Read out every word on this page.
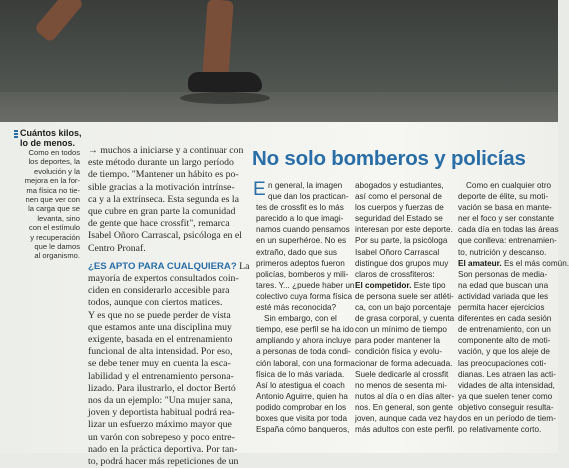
Cuántos kilos,
lo de menos.
Como en todos
los deportes, la
evolución y la
mejora en la for-
ma física no tie-
nen que ver con
la carga que se
levanta, sino
con el estímulo
y recuperación
que le damos
al organismo.
→ muchos a iniciarse y a continuar con
este método durante un largo período
de tiempo. "Mantener un hábito es po-
sible gracias a la motivación intrínse-
ca y a la extrínseca. Esta segunda es la
que cubre en gran parte la comunidad
de gente que hace crossfit", remarca
Isabel Oñoro Carrascal, psicóloga en el
Centro Pronaf.
¿ES APTO PARA CUALQUIERA? La
mayoría de expertos consultados coin-
ciden en considerarlo accesible para
todos, aunque con ciertos matices.
Y es que no se puede perder de vista
que estamos ante una disciplina muy
exigente, basada en el entrenamiento
funcional de alta intensidad. Por eso,
se debe tener muy en cuenta la esca-
labilidad y el entrenamiento persona-
lizado. Para ilustrarlo, el doctor Bertó
nos da un ejemplo: "Una mujer sana,
joven y deportista habitual podrá rea-
lizar un esfuerzo máximo mayor que
un varón con sobrepeso y poco entre-
nado en la práctica deportiva. Por tan-
to, podrá hacer más repeticiones de un
No solo bomberos y policías
E n general, la imagen
que dan los practican-
tes de crossfit es lo más
parecido a lo que imagi-
namos cuando pensamos
en un superhéroe. No es
extraño, dado que sus
primeros adeptos fueron
policías, bomberos y mili-
tares. Y... ¿puede haber un
colectivo cuya forma física
esté más reconocida?
Sin embargo, con el
tiempo, ese perfil se ha ido
ampliando y ahora incluye
a personas de toda condi-
ción laboral, con una forma
física de lo más variada.
Así lo atestigua el coach
Antonio Aguirre, quien ha
podido comprobar en los
boxes que visita por toda
España cómo banqueros,
abogados y estudiantes,
así como el personal de
los cuerpos y fuerzas de
seguridad del Estado se
interesan por este deporte.
Por su parte, la psicóloga
Isabel Oñoro Carrascal
distingue dos grupos muy
claros de crossfiteros:
El competidor. Este tipo
de persona suele ser atléti-
ca, con un bajo porcentaje
de grasa corporal, y cuenta
con un mínimo de tiempo
para poder mantener la
condición física y evolu-
cionar de forma adecuada.
Suele dedicarle al crossfit
no menos de sesenta mi-
nutos al día o en días alter-
nos. En general, son gente
joven, aunque cada vez hay
más adultos con este perfil.
Como en cualquier otro
deporte de élite, su moti-
vación se basa en mante-
ner el foco y ser constante
cada día en todas las áreas
que conlleva: entrenamien-
to, nutrición y descanso.
El amateur. Es el más común.
Son personas de media-
na edad que buscan una
actividad variada que les
permita hacer ejercicios
diferentes en cada sesión
de entrenamiento, con un
componente alto de moti-
vación, y que los aleje de
las preocupaciones coti-
dianas. Les atraen las acti-
vidades de alta intensidad,
ya que suelen tener como
objetivo conseguir resulta-
dos en un período de tiem-
po relativamente corto.
